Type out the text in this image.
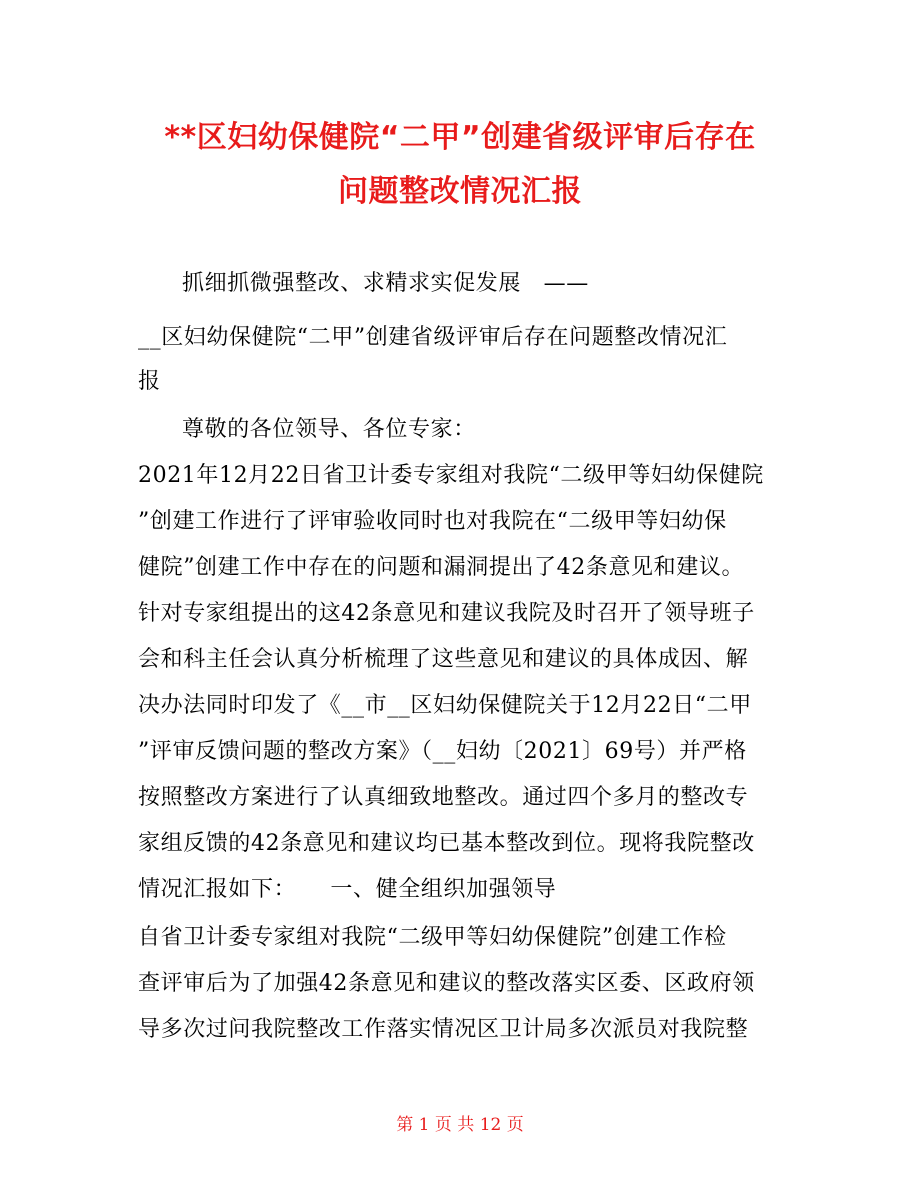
**区妇幼保健院“二甲”创建省级评审后存在
问题整改情况汇报
抓细抓微强整改、求精求实促发展　——
__区妇幼保健院“二甲”创建省级评审后存在问题整改情况汇
报
尊敬的各位领导、各位专家：
2021年12月22日省卫计委专家组对我院“二级甲等妇幼保健院
”创建工作进行了评审验收同时也对我院在“二级甲等妇幼保
健院”创建工作中存在的问题和漏洞提出了42条意见和建议。
针对专家组提出的这42条意见和建议我院及时召开了领导班子
会和科主任会认真分析梳理了这些意见和建议的具体成因、解
决办法同时印发了《__市__区妇幼保健院关于12月22日“二甲
”评审反馈问题的整改方案》（__妇幼〔2021〕69号）并严格
按照整改方案进行了认真细致地整改。通过四个多月的整改专
家组反馈的42条意见和建议均已基本整改到位。现将我院整改
情况汇报如下：　　一、健全组织加强领导
自省卫计委专家组对我院“二级甲等妇幼保健院”创建工作检
查评审后为了加强42条意见和建议的整改落实区委、区政府领
导多次过问我院整改工作落实情况区卫计局多次派员对我院整
第 1 页 共 12 页
